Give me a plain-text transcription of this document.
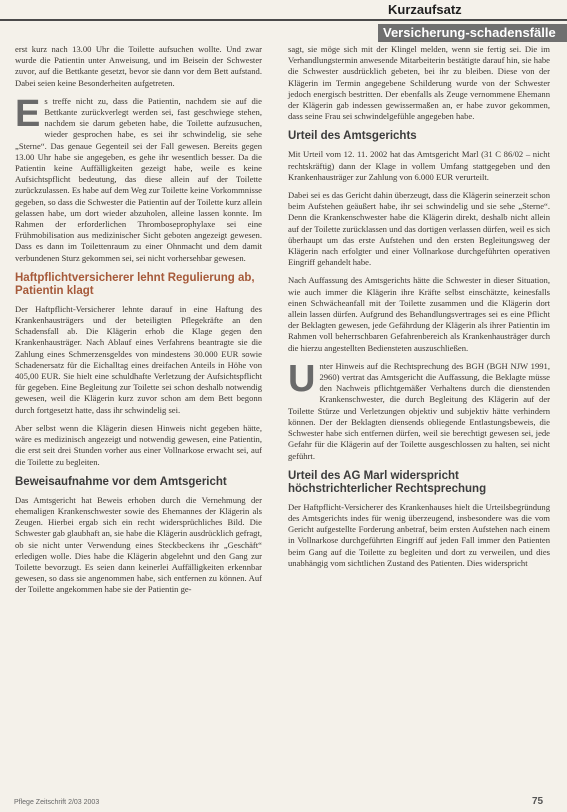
Kurzaufsatz
Versicherung-schadensfälle

erst kurz nach 13.00 Uhr die Toilette aufsuchen wollte. Und zwar wurde die Patientin unter Anweisung, und im Beisein der Schwester zuvor, auf die Bettkante gesetzt, bevor sie dann vor dem Bett aufstand. Dabei seien keine Besonderheiten aufgetreten.

Es treffe nicht zu, dass die Patientin, nachdem sie auf die Bettkante zurückverlegt werden sei, fast geschwiege stehen, nachdem sie darum gebeten habe, die Toilette aufzusuchen, wieder gesprochen habe, es sei ihr schwindelig, sie sehe „Sterne“. Das genaue Gegenteil sei der Fall gewesen. Bereits gegen 13.00 Uhr habe sie angegeben, es gehe ihr wesentlich besser. Da die Patientin keine Auffälligkeiten gezeigt habe, weile es keine Aufsichtspflicht bedeutung, das diese allein auf der Toilette zurückzulassen. Es habe auf dem Weg zur Toilette keine Vorkommnisse gegeben, so dass die Schwester die Patientin auf der Toilette kurz allein gelassen habe, um dort wieder abzuholen, alleine lassen konnte. Im Rahmen der erforderlichen Thromboseprophylaxe sei eine Frühmobilisation aus medizinischer Sicht geboten angezeigt gewesen. Dass es dann im Toilettenraum zu einer Ohnmacht und dem damit verbundenen Sturz gekommen sei, sei nicht vorhersehbar gewesen.

Haftpflichtversicherer lehnt Regulierung ab, Patientin klagt

Der Haftpflicht-Versicherer lehnte darauf in eine Haftung des Krankenhausträgers und der beteiligten Pflegekräfte an den Schadensfall ab. Die Klägerin erhob die Klage gegen den Krankenhausträger. Nach Ablauf eines Verfahrens beantragte sie die Zahlung eines Schmerzensgeldes von mindestens 30.000 EUR sowie Schadenersatz für die Eichalltag eines dreifachen Anteils in Höhe von 405,00 EUR. Sie hielt eine schuldhafte Verletzung der Aufsichtspflicht für gegeben. Eine Begleitung zur Toilette sei schon deshalb notwendig gewesen, weil die Klägerin kurz zuvor schon am dem Bett begonn durch fortgesetzt hatte, dass ihr schwindelig sei.

Aber selbst wenn die Klägerin diesen Hinweis nicht gegeben hätte, wäre es medizinisch angezeigt und notwendig gewesen, eine Patientin, die erst seit drei Stunden vorher aus einer Vollnarkose erwacht sei, auf die Toilette zu begleiten.

Beweisaufnahme vor dem Amtsgericht

Das Amtsgericht hat Beweis erhoben durch die Vernehmung der ehemaligen Krankenschwester sowie des Ehemannes der Klägerin als Zeugen. Hierbei ergab sich ein recht widersprüchliches Bild. Die Schwester gab glaubhaft an, sie habe die Klägerin ausdrücklich gefragt, ob sie nicht unter Verwendung eines Steckbeckens ihr „Geschäft“ erledigen wolle. Dies habe die Klägerin abgelehnt und den Gang zur Toilette bevorzugt. Es seien dann keinerlei Auffälligkeiten erkennbar gewesen, so dass sie angenommen habe, sich entfernen zu können. Auf der Toilette angekommen habe sie der Patientin ge-

sagt, sie möge sich mit der Klingel melden, wenn sie fertig sei. Die im Verhandlungstermin anwesende Mitarbeiterin bestätigte darauf hin, sie habe die Schwester ausdrücklich gebeten, bei ihr zu bleiben. Diese von der Klägerin im Termin angegebene Schilderung wurde von der Schwester jedoch energisch bestritten. Der ebenfalls als Zeuge vernommene Ehemann der Klägerin gab indessen gewissermaßen an, er habe zuvor gekommen, dass seine Frau sei schwindelgefühle angegeben habe.

Urteil des Amtsgerichts

Mit Urteil vom 12. 11. 2002 hat das Amtsgericht Marl (31 C 86/02 – nicht rechtskräftig) dann der Klage in vollem Umfang stattgegeben und den Krankenhausträger zur Zahlung von 6.000 EUR verurteilt.

Dabei sei es das Gericht dahin überzeugt, dass die Klägerin seinerzeit schon beim Aufstehen geäußert habe, ihr sei schwindelig und sie sehe „Sterne“. Denn die Krankenschwester habe die Klägerin direkt, deshalb nicht allein auf der Toilette zurücklassen und das dortigen verlassen dürfen, weil es sich überhaupt um das erste Aufstehen und den ersten Begleitungsweg der Klägerin nach erfolgter und einer Vollnarkose durchgeführten operativen Eingriff gehandelt habe.

Nach Auffassung des Amtsgerichts hätte die Schwester in dieser Situation, wie auch immer die Klägerin ihre Kräfte selbst einschätzte, keinesfalls einen Schwächeanfall mit der Toilette zusammen und die Klägerin dort allein lassen dürfen. Aufgrund des Behandlungsvertrages sei es eine Pflicht der Beklagten gewesen, jede Gefährdung der Klägerin als ihrer Patientin im Rahmen voll beherrschbaren Gefahrenbereich als Krankenhausträger durch die hierzu angestellten Bediensteten auszuschließen.

Unter Hinweis auf die Rechtsprechung des BGH (BGH NJW 1991, 2960) vertrat das Amtsgericht die Auffassung, die Beklagte müsse den Nachweis pflichtgemäßer Verhaltens durch die dienstenden Krankenschwester, die durch Begleitung des Klägerin auf der Toilette Stürze und Verletzungen objektiv und subjektiv hätte verhindern können. Der der Beklagten diensends obliegende Entlastungsbeweis, die Schwester habe sich entfernen dürfen, weil sie berechtigt gewesen sei, jede Gefahr für die Klägerin auf der Toilette ausgeschlossen zu halten, sei nicht geführt.

Urteil des AG Marl widerspricht höchstrichterlicher Rechtsprechung

Der Haftpflicht-Versicherer des Krankenhauses hielt die Urteilsbegründung des Amtsgerichts indes für wenig überzeugend, insbesondere was die vom Gericht aufgestellte Forderung anbetraf, beim ersten Aufstehen nach einem in Vollnarkose durchgeführten Eingriff auf jeden Fall immer den Patienten beim Gang auf die Toilette zu begleiten und dort zu verweilen, und dies unabhängig vom sichtlichen Zustand des Patienten. Dies widerspricht

Pflege Zeitschrift 2/03 2003	75
